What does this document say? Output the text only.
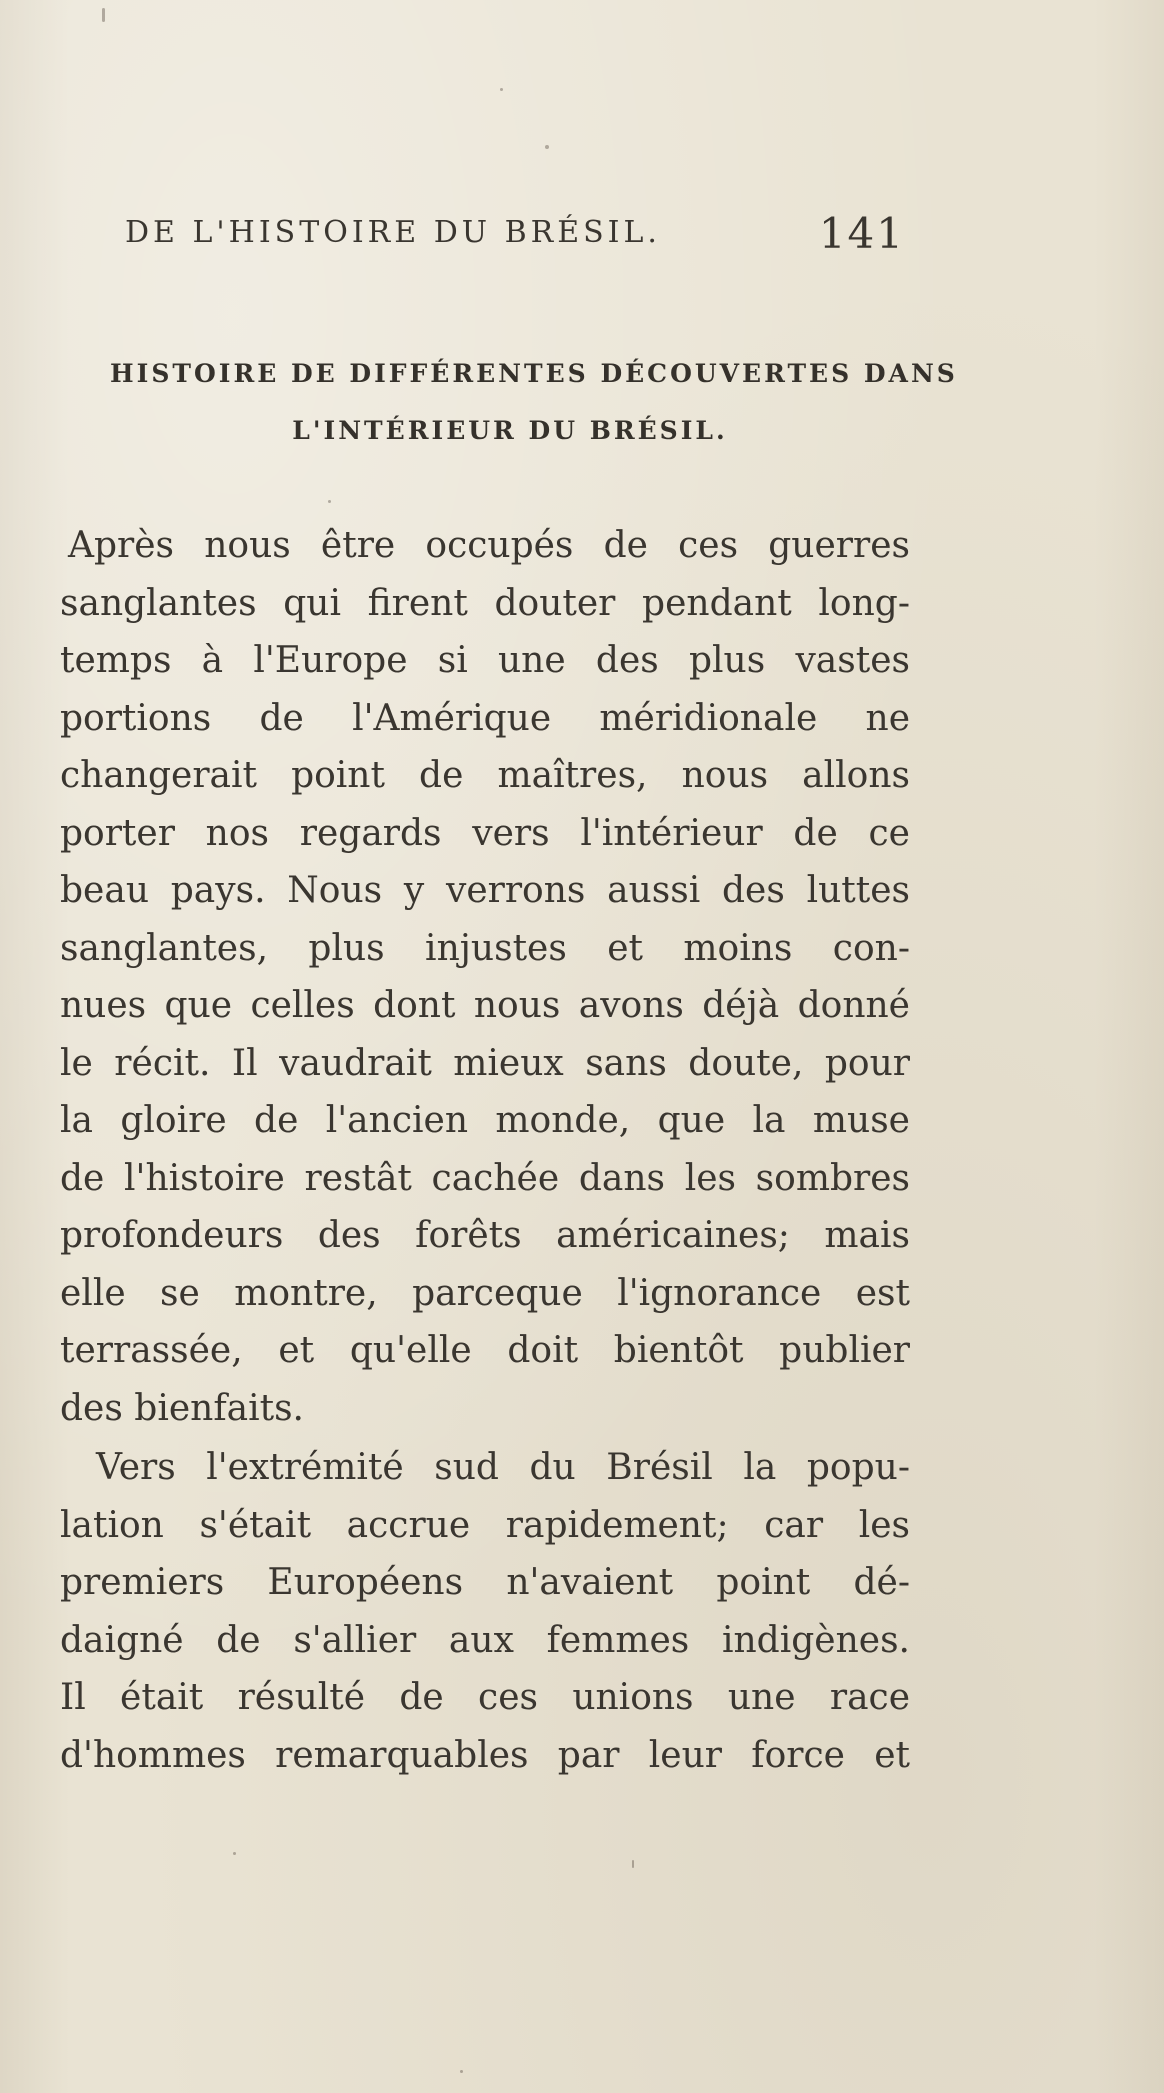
DE L'HISTOIRE DU BRÉSIL.	141
HISTOIRE DE DIFFÉRENTES DÉCOUVERTES DANS
L'INTÉRIEUR DU BRÉSIL.
Après nous être occupés de ces guerres
sanglantes qui firent douter pendant long-
temps à l'Europe si une des plus vastes
portions de l'Amérique méridionale ne
changerait point de maîtres, nous allons
porter nos regards vers l'intérieur de ce
beau pays. Nous y verrons aussi des luttes
sanglantes, plus injustes et moins con-
nues que celles dont nous avons déjà donné
le récit. Il vaudrait mieux sans doute, pour
la gloire de l'ancien monde, que la muse
de l'histoire restât cachée dans les sombres
profondeurs des forêts américaines; mais
elle se montre, parceque l'ignorance est
terrassée, et qu'elle doit bientôt publier
des bienfaits.
Vers l'extrémité sud du Brésil la popu-
lation s'était accrue rapidement; car les
premiers Européens n'avaient point dé-
daigné de s'allier aux femmes indigènes.
Il était résulté de ces unions une race
d'hommes remarquables par leur force et
